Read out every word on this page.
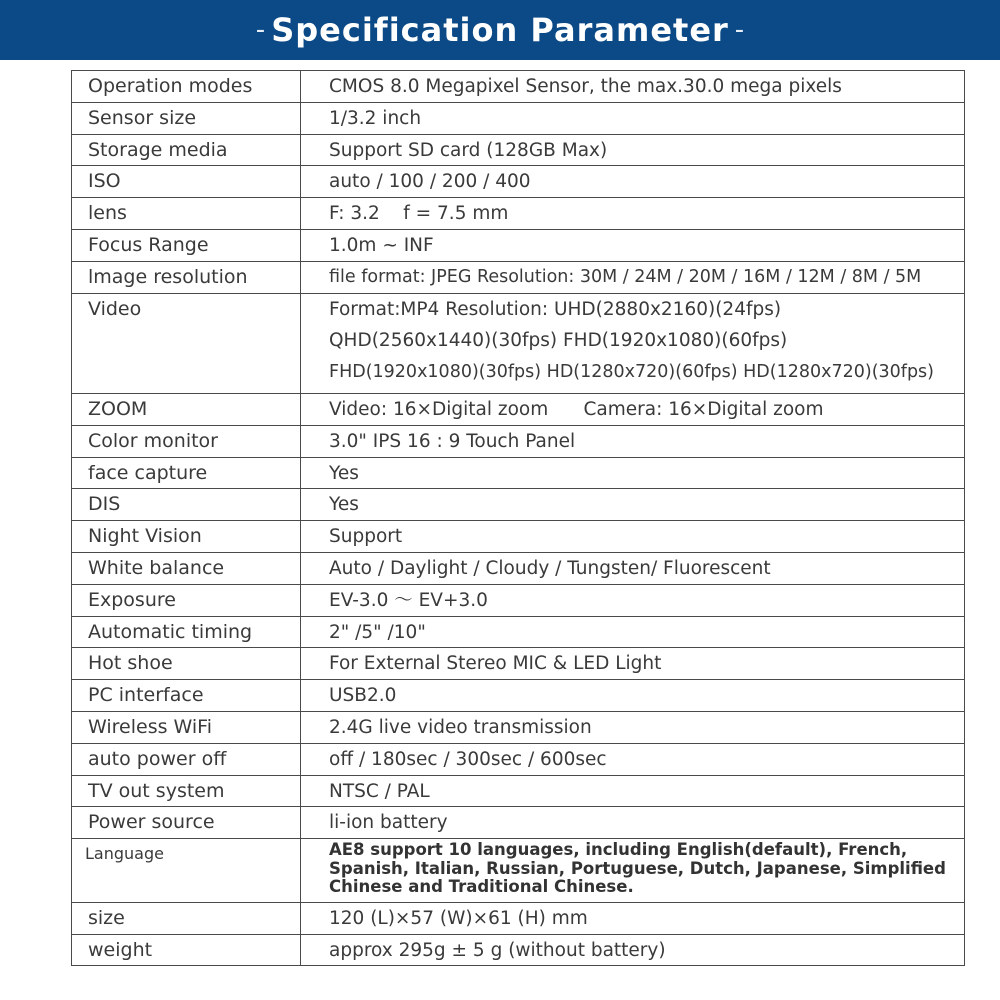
- Specification Parameter -
Operation modes	CMOS 8.0 Megapixel Sensor, the max.30.0 mega pixels
Sensor size	1/3.2 inch
Storage media	Support SD card (128GB Max)
ISO	auto / 100 / 200 / 400
lens	F: 3.2    f = 7.5 mm
Focus Range	1.0m ~ INF
lmage resolution	file format: JPEG Resolution: 30M / 24M / 20M / 16M / 12M / 8M / 5M
Video	Format:MP4 Resolution: UHD(2880x2160)(24fps)
QHD(2560x1440)(30fps) FHD(1920x1080)(60fps)
FHD(1920x1080)(30fps) HD(1280x720)(60fps) HD(1280x720)(30fps)

ZOOM	Video: 16×Digital zoom      Camera: 16×Digital zoom
Color monitor	3.0" IPS 16 : 9 Touch Panel
face capture	Yes
DIS	Yes
Night Vision	Support
White balance	Auto / Daylight / Cloudy / Tungsten/ Fluorescent
Exposure	EV-3.0 〜 EV+3.0
Automatic timing	2" /5" /10"
Hot shoe	For External Stereo MIC & LED Light
PC interface	USB2.0
Wireless WiFi	2.4G live video transmission
auto power off	off / 180sec / 300sec / 600sec
TV out system	NTSC / PAL
Power source	li-ion battery
Language	AE8 support 10 languages, including English(default), French, Spanish, Italian, Russian, Portuguese, Dutch, Japanese, Simplified Chinese and Traditional Chinese.
size	120 (L)×57 (W)×61 (H) mm
weight	approx 295g ± 5 g (without battery)
